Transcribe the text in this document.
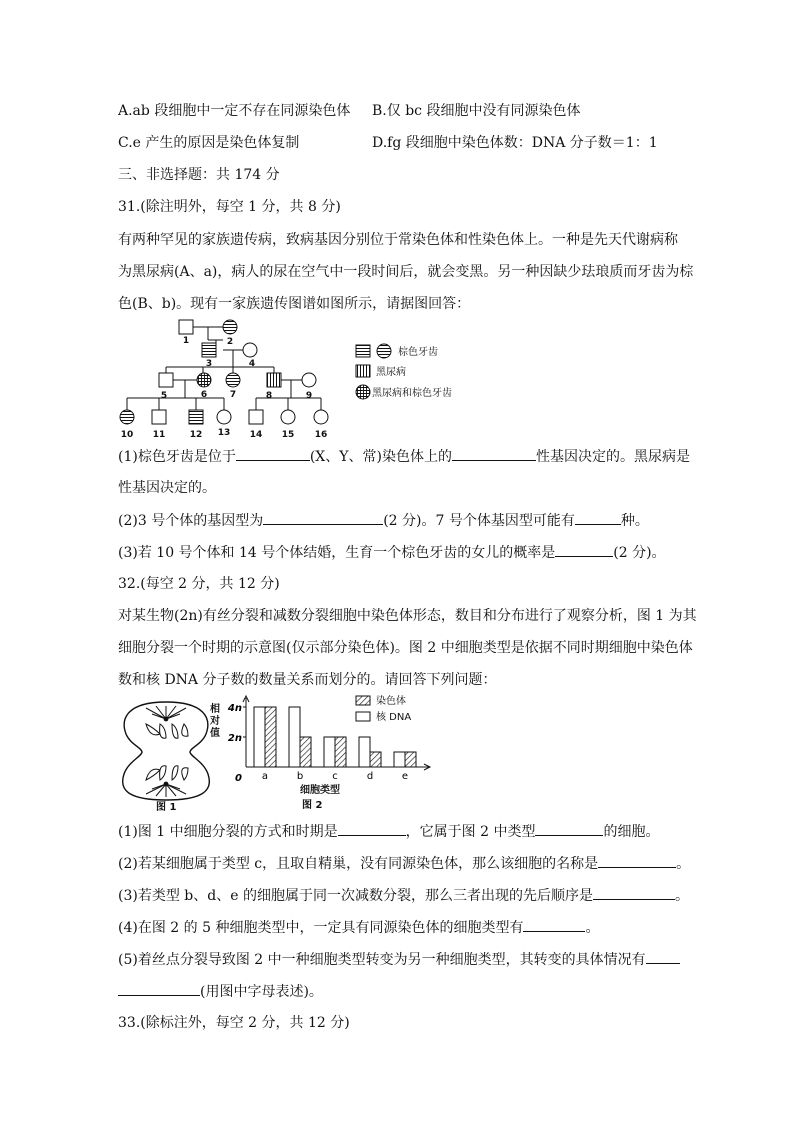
A.ab 段细胞中一定不存在同源染色体 B.仅 bc 段细胞中没有同源染色体
C.e 产生的原因是染色体复制	D.fg 段细胞中染色体数：DNA 分子数＝1：1
三、非选择题：共 174 分
31.(除注明外，每空 1 分，共 8 分)
有两种罕见的家族遗传病，致病基因分别位于常染色体和性染色体上。一种是先天代谢病称
为黑尿病(A、a)，病人的尿在空气中一段时间后，就会变黑。另一种因缺少珐琅质而牙齿为棕
色(B、b)。现有一家族遗传图谱如图所示，请据图回答：
1	2
3	4
5	6	7	8	9
10 11	12 13 14 15 16
棕色牙齿
黑尿病
黑尿病和棕色牙齿
(1)棕色牙齿是位于	(X、Y、常)染色体上的	性基因决定的。黑尿病是
性基因决定的。
(2)3 号个体的基因型为	(2 分)。7 号个体基因型可能有	种。
(3)若 10 号个体和 14 号个体结婚，生育一个棕色牙齿的女儿的概率是	(2 分)。
32.(每空 2 分，共 12 分)
对某生物(2n)有丝分裂和减数分裂细胞中染色体形态，数目和分布进行了观察分析，图 1 为其
细胞分裂一个时期的示意图(仅示部分染色体)。图 2 中细胞类型是依据不同时期细胞中染色体
数和核 DNA 分子数的数量关系而划分的。请回答下列问题：
图 1
相
对
值
0
2n
4n
a	b	c	d	e
细胞类型
图 2
染色体
核 DNA
(1)图 1 中细胞分裂的方式和时期是	，它属于图 2 中类型	的细胞。
(2)若某细胞属于类型 c，且取自精巢，没有同源染色体，那么该细胞的名称是	。
(3)若类型 b、d、e 的细胞属于同一次减数分裂，那么三者出现的先后顺序是	。
(4)在图 2 的 5 种细胞类型中，一定具有同源染色体的细胞类型有	。
(5)着丝点分裂导致图 2 中一种细胞类型转变为另一种细胞类型，其转变的具体情况有
(用图中字母表述)。
33.(除标注外，每空 2 分，共 12 分)
